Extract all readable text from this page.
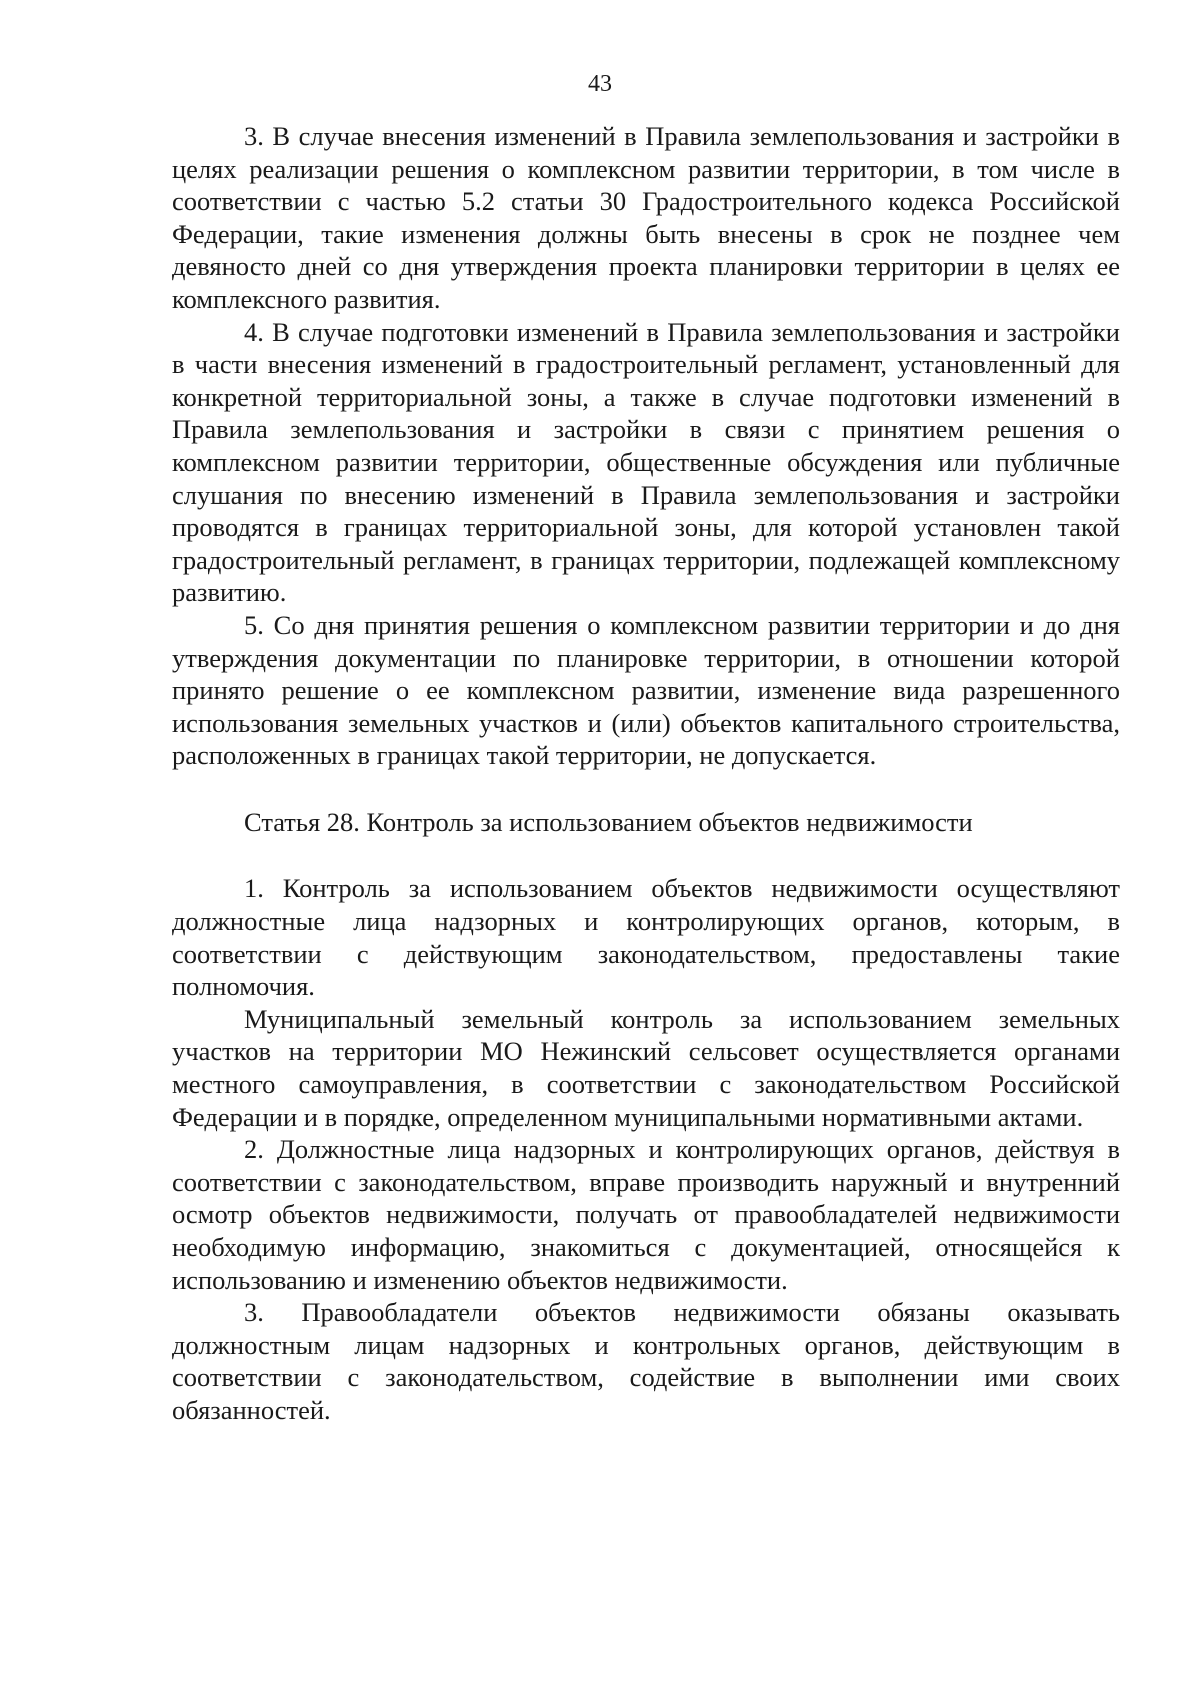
43

3. В случае внесения изменений в Правила землепользования и застройки в целях реализации решения о комплексном развитии территории, в том числе в соответствии с частью 5.2 статьи 30 Градостроительного кодекса Российской Федерации, такие изменения должны быть внесены в срок не позднее чем девяносто дней со дня утверждения проекта планировки территории в целях ее комплексного развития.

4. В случае подготовки изменений в Правила землепользования и застройки в части внесения изменений в градостроительный регламент, установленный для конкретной территориальной зоны, а также в случае подготовки изменений в Правила землепользования и застройки в связи с принятием решения о комплексном развитии территории, общественные обсуждения или публичные слушания по внесению изменений в Правила землепользования и застройки проводятся в границах территориальной зоны, для которой установлен такой градостроительный регламент, в границах территории, подлежащей комплексному развитию.

5. Со дня принятия решения о комплексном развитии территории и до дня утверждения документации по планировке территории, в отношении которой принято решение о ее комплексном развитии, изменение вида разрешенного использования земельных участков и (или) объектов капитального строительства, расположенных в границах такой территории, не допускается.

Статья 28. Контроль за использованием объектов недвижимости

1. Контроль за использованием объектов недвижимости осуществляют должностные лица надзорных и контролирующих органов, которым, в соответствии с действующим законодательством, предоставлены такие полномочия.

Муниципальный земельный контроль за использованием земельных участков на территории МО Нежинский сельсовет осуществляется органами местного самоуправления, в соответствии с законодательством Российской Федерации и в порядке, определенном муниципальными нормативными актами.

2. Должностные лица надзорных и контролирующих органов, действуя в соответствии с законодательством, вправе производить наружный и внутренний осмотр объектов недвижимости, получать от правообладателей недвижимости необходимую информацию, знакомиться с документацией, относящейся к использованию и изменению объектов недвижимости.

3. Правообладатели объектов недвижимости обязаны оказывать должностным лицам надзорных и контрольных органов, действующим в соответствии с законодательством, содействие в выполнении ими своих обязанностей.
